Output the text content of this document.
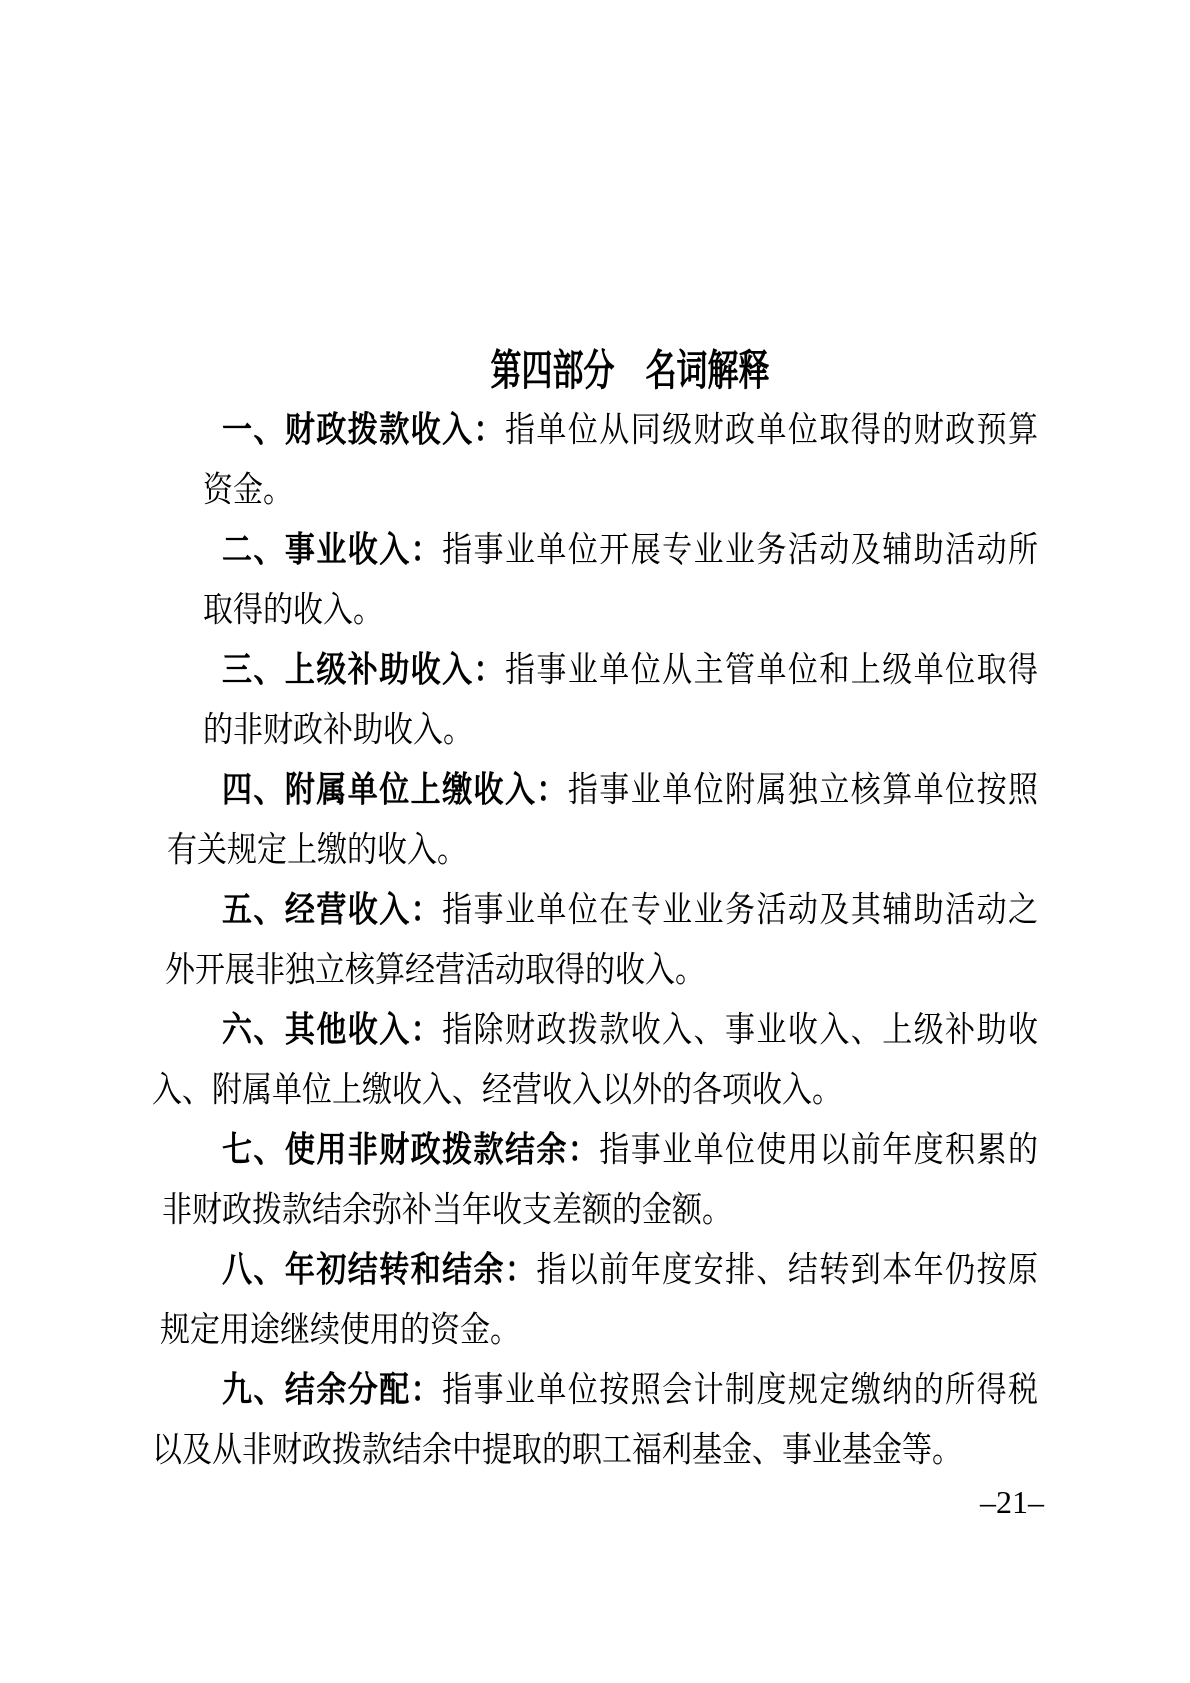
第四部分　名词解释
一、财政拨款收入：指单位从同级财政单位取得的财政预算
资金。
二、事业收入：指事业单位开展专业业务活动及辅助活动所
取得的收入。
三、上级补助收入：指事业单位从主管单位和上级单位取得
的非财政补助收入。
四、附属单位上缴收入：指事业单位附属独立核算单位按照
有关规定上缴的收入。
五、经营收入：指事业单位在专业业务活动及其辅助活动之
外开展非独立核算经营活动取得的收入。
六、其他收入：指除财政拨款收入、事业收入、上级补助收
入、附属单位上缴收入、经营收入以外的各项收入。
七、使用非财政拨款结余：指事业单位使用以前年度积累的
非财政拨款结余弥补当年收支差额的金额。
八、年初结转和结余：指以前年度安排、结转到本年仍按原
规定用途继续使用的资金。
九、结余分配：指事业单位按照会计制度规定缴纳的所得税
以及从非财政拨款结余中提取的职工福利基金、事业基金等。
–21–
